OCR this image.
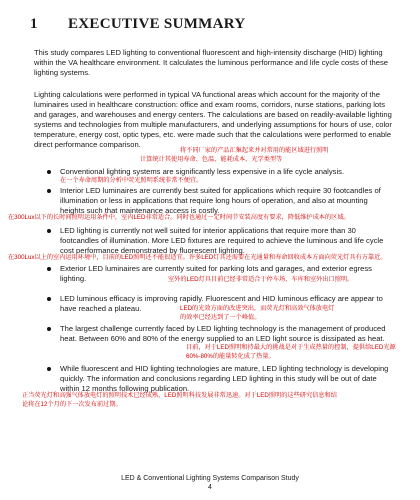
1 EXECUTIVE SUMMARY

This study compares LED lighting to conventional fluorescent and high-intensity discharge (HID) lighting within the VA healthcare environment. It calculates the luminous performance and life cycle costs of these lighting systems.

Lighting calculations were performed in typical VA functional areas which account for the majority of the luminaires used in healthcare construction: office and exam rooms, corridors, nurse stations, parking lots and garages, and warehouses and energy centers. The calculations are based on readily-available lighting systems and technologies from multiple manufacturers, and underlying assumptions for hours of use, color temperature, energy cost, optic types, etc. were made such that the calculations were performed to enable direct performance comparison.

将不同厂家的产品汇集起来并对常用的能区域进行照明
计算统计其使用寿命、色温、能耗成本、光学类型等

Conventional lighting systems are significantly less expensive in a life cycle analysis.

在一个寿命周期的分析中荧光照明系统非常不便宜。

Interior LED luminaires are currently best suited for applications which require 30 footcandles of illumination or less in applications that require long hours of operation, and also at mounting heights such that maintenance access is costly.

在300Lux以下的长时间照明运用条件中，室内LED非常适合。同时也通过一定时间节安装高度有要求，降低维护成本的区域。

LED lighting is currently not well suited for interior applications that require more than 30 footcandles of illumination. More LED fixtures are required to achieve the luminous and life cycle cost performance demonstrated by fluorescent lighting.

在300Lux以上的室内运用环境中，目前的LED照明还不能很适宜。许多LED灯具还需要在光通量和寿命回收成本方面向荧光灯具有方靠近。

Exterior LED luminaires are currently suited for parking lots and garages, and exterior egress lighting.	室外的LED灯具目前已经非常适合于停车场、车库和室外出口照明。

LED luminous efficacy is improving rapidly. Fluorescent and HID luminous efficacy are appear to have reached a plateau.	LED的光效方面的改进突出，而荧光灯和高效气体放电灯
的效率已经达到了一个峰值。

The largest challenge currently faced by LED lighting technology is the management of produced heat. Between 60% and 80% of the energy supplied to an LED light source is dissipated as heat.

目前，对于LED照明和持最大的挑战是对于生成热量的控制，提供给LED光源
60%-80%的能量转化成了热量。

While fluorescent and HID lighting technologies are mature, LED lighting technology is developing quickly. The information and conclusions regarding LED lighting in this study will be out of date within 12 months following publication.

正当荧光灯和高强气体放电灯的照明技术已经成熟，LED照明科技发展非常迅速。对于LED照明的这些研究信息和结
论将在12个月的下一次发布前过期。
LED & Conventional Lighting Systems Comparison Study
4
